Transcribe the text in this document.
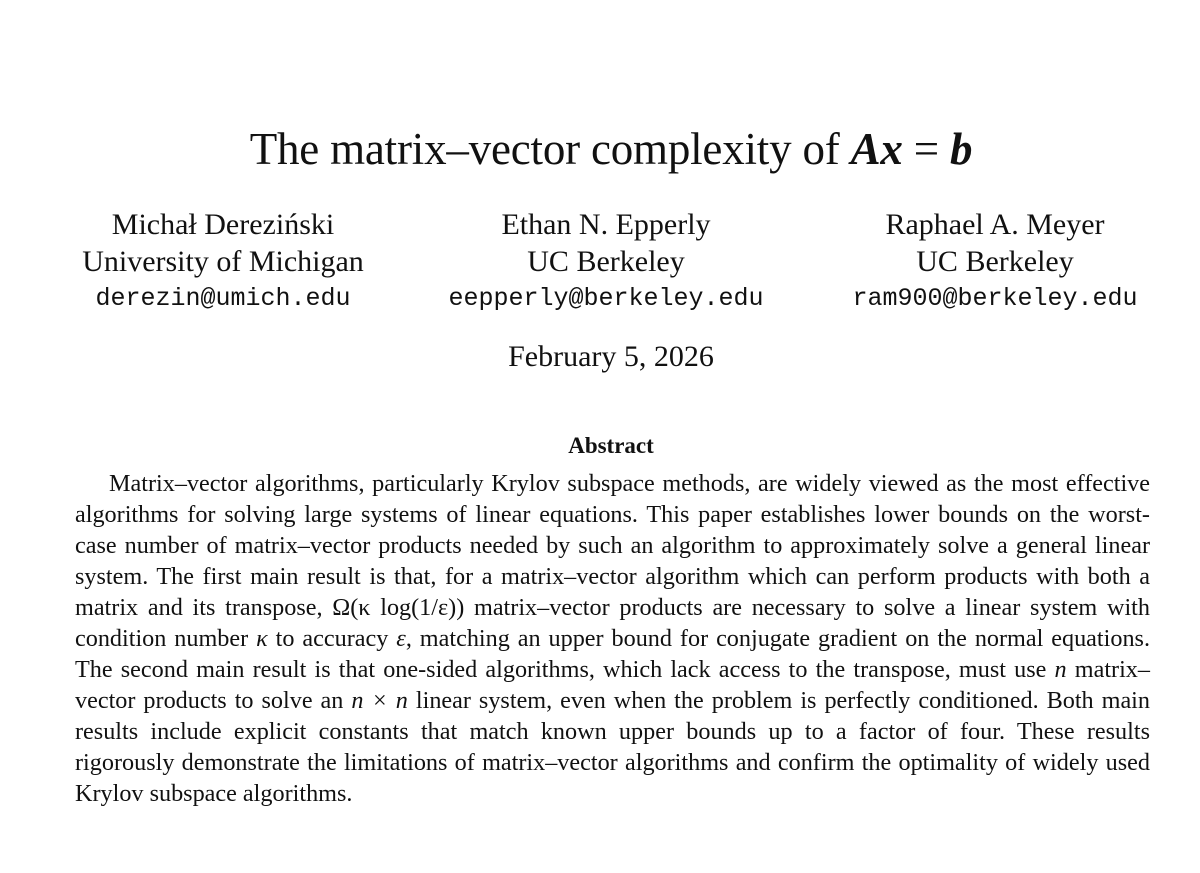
The matrix–vector complexity of Ax = b
Michał Dereziński
University of Michigan
derezin@umich.edu
Ethan N. Epperly
UC Berkeley
eepperly@berkeley.edu
Raphael A. Meyer
UC Berkeley
ram900@berkeley.edu
February 5, 2026
Abstract
Matrix–vector algorithms, particularly Krylov subspace methods, are widely viewed as the most effective algorithms for solving large systems of linear equations. This paper establishes lower bounds on the worst-case number of matrix–vector products needed by such an algorithm to approximately solve a general linear system. The first main result is that, for a matrix–vector algorithm which can perform products with both a matrix and its transpose, Ω(κ log(1/ε)) matrix–vector products are necessary to solve a linear system with condition number κ to accuracy ε, matching an upper bound for conjugate gradient on the normal equations. The second main result is that one-sided algorithms, which lack access to the transpose, must use n matrix–vector products to solve an n × n linear system, even when the problem is perfectly conditioned. Both main results include explicit constants that match known upper bounds up to a factor of four. These results rigorously demonstrate the limitations of matrix–vector algorithms and confirm the optimality of widely used Krylov subspace algorithms.
